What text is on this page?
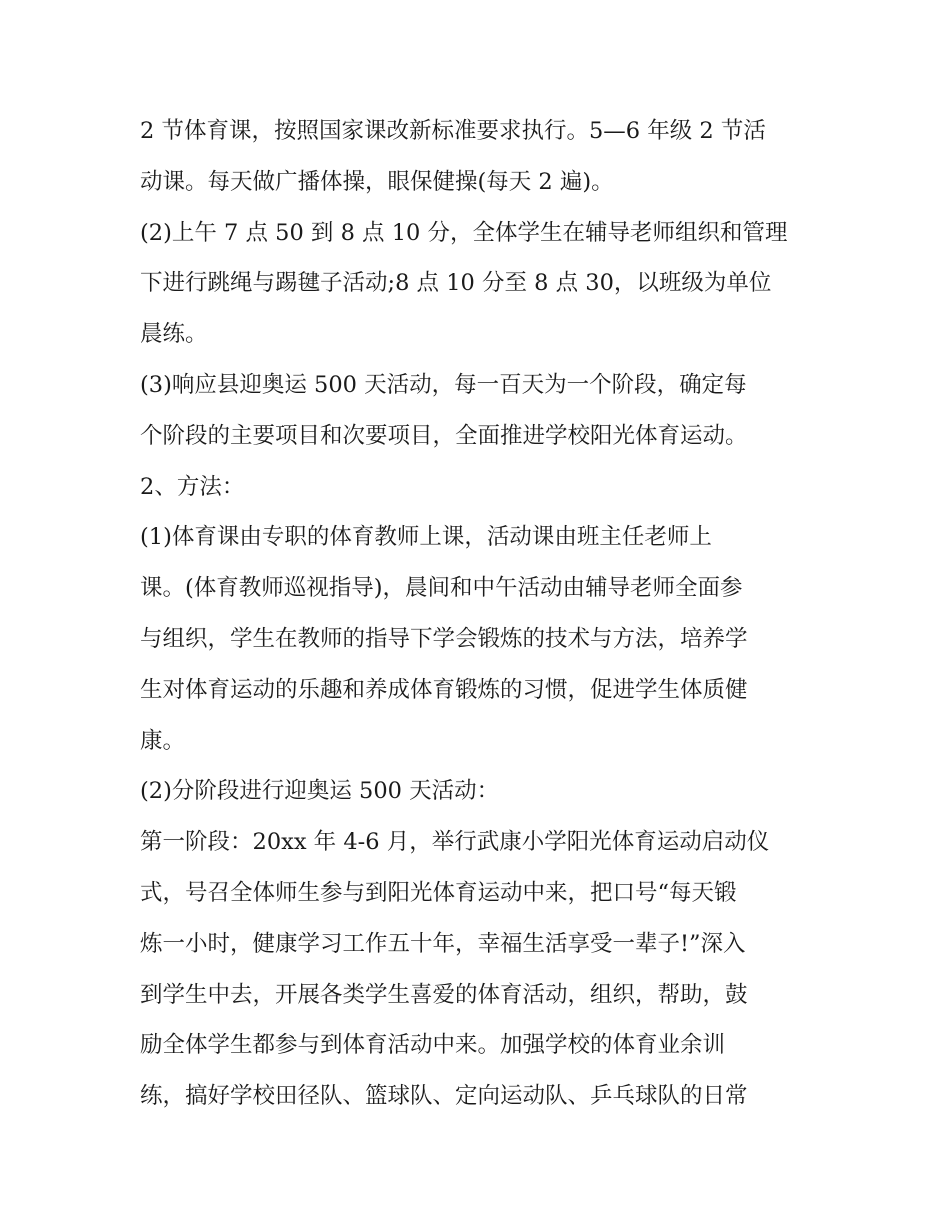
2 节体育课，按照国家课改新标准要求执行。5—6 年级 2 节活
动课。每天做广播体操，眼保健操(每天 2 遍)。
(2)上午 7 点 50 到 8 点 10 分，全体学生在辅导老师组织和管理
下进行跳绳与踢毽子活动;8 点 10 分至 8 点 30，以班级为单位
晨练。
(3)响应县迎奥运 500 天活动，每一百天为一个阶段，确定每
个阶段的主要项目和次要项目，全面推进学校阳光体育运动。
2、方法：
(1)体育课由专职的体育教师上课，活动课由班主任老师上
课。(体育教师巡视指导)，晨间和中午活动由辅导老师全面参
与组织，学生在教师的指导下学会锻炼的技术与方法，培养学
生对体育运动的乐趣和养成体育锻炼的习惯，促进学生体质健
康。
(2)分阶段进行迎奥运 500 天活动：
第一阶段：20xx 年 4-6 月，举行武康小学阳光体育运动启动仪
式，号召全体师生参与到阳光体育运动中来，把口号“每天锻
炼一小时，健康学习工作五十年，幸福生活享受一辈子!”深入
到学生中去，开展各类学生喜爱的体育活动，组织，帮助，鼓
励全体学生都参与到体育活动中来。加强学校的体育业余训
练，搞好学校田径队、篮球队、定向运动队、乒乓球队的日常
